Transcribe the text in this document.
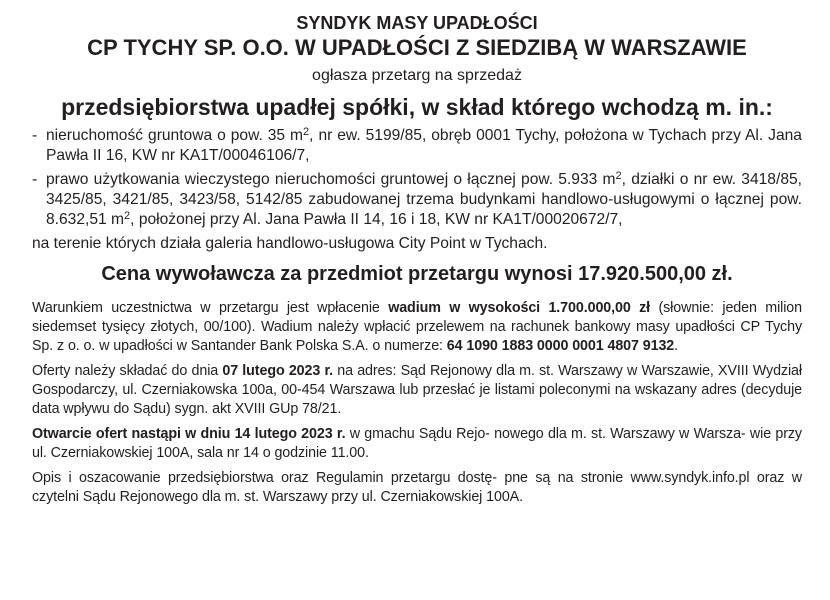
SYNDYK MASY UPADŁOŚCI
CP TYCHY SP. O.O. W UPADŁOŚCI Z SIEDZIBĄ W WARSZAWIE
ogłasza przetarg na sprzedaż
przedsiębiorstwa upadłej spółki, w skład którego wchodzą m. in.:
- nieruchomość gruntowa o pow. 35 $m^2$, nr ew. 5199/85, obręb 0001 Tychy, położona w Tychach przy Al. Jana Pawła II 16, KW nr KA1T/00046106/7,
- prawo użytkowania wieczystego nieruchomości gruntowej o łącznej pow. 5.933 $m^2$, działki o nr ew. 3418/85, 3425/85, 3421/85, 3423/58, 5142/85 zabudowanej trzema budynkami handlowo-usługowymi o łącznej pow. 8.632,51 $m^2$, położonej przy Al. Jana Pawła II 14, 16 i 18, KW nr KA1T/00020672/7,
na terenie których działa galeria handlowo-usługowa City Point w Tychach.
Cena wywoławcza za przedmiot przetargu wynosi 17.920.500,00 zł.
Warunkiem uczestnictwa w przetargu jest wpłacenie wadium w wysokości 1.700.000,00 zł (słownie: jeden milion siedemset tysięcy złotych, 00/100). Wadium należy wpłacić przelewem na rachunek bankowy masy upadłości CP Tychy Sp. z o. o. w upadłości w Santander Bank Polska S.A. o numerze: 64 1090 1883 0000 0001 4807 9132.
Oferty należy składać do dnia 07 lutego 2023 r. na adres: Sąd Rejonowy dla m. st. Warszawy w Warszawie, XVIII Wydział Gospodarczy, ul. Czerniakowska 100a, 00-454 Warszawa lub przesłać je listami poleconymi na wskazany adres (decyduje data wpływu do Sądu) sygn. akt XVIII GUp 78/21.
Otwarcie ofert nastąpi w dniu 14 lutego 2023 r. w gmachu Sądu Rejo- nowego dla m. st. Warszawy w Warsza- wie przy ul. Czerniakowskiej 100A, sala nr 14 o godzinie 11.00.
Opis i oszacowanie przedsiębiorstwa oraz Regulamin przetargu dostę- pne są na stronie www.syndyk.info.pl oraz w czytelni Sądu Rejonowego dla m. st. Warszawy przy ul. Czerniakowskiej 100A.
